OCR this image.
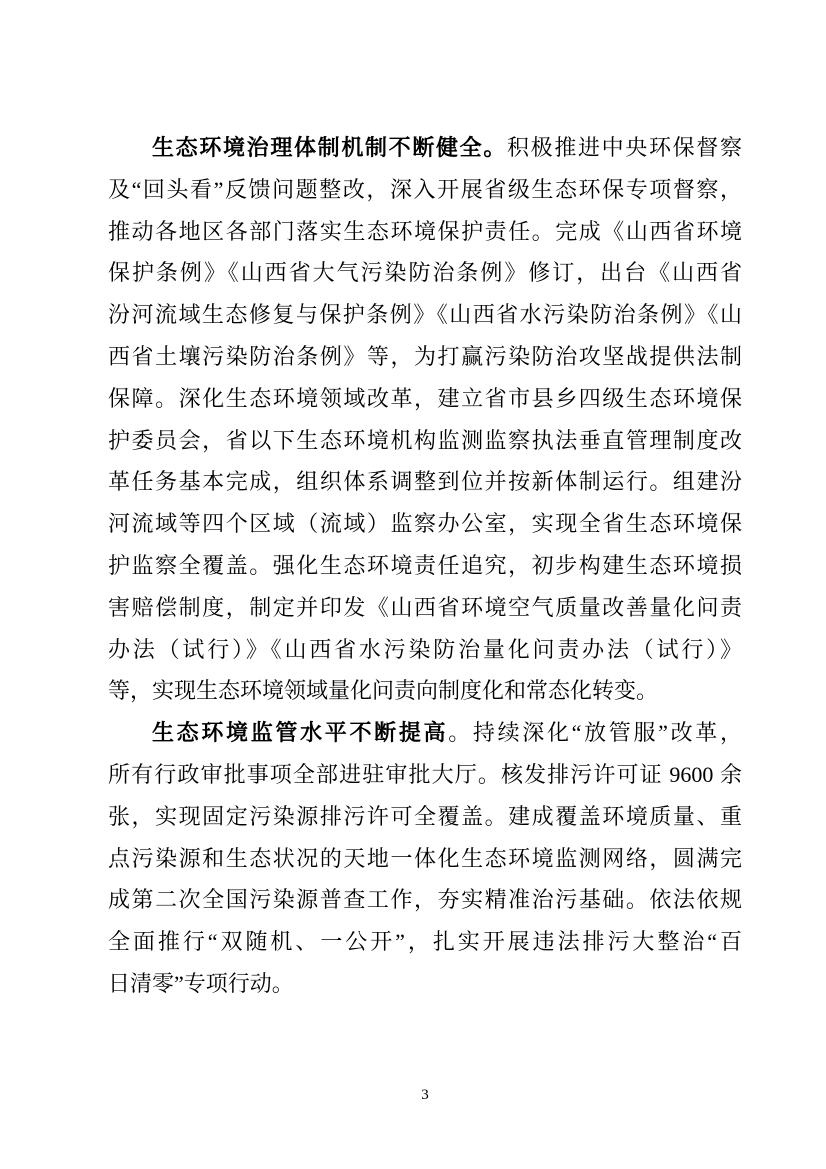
生态环境治理体制机制不断健全。积极推进中央环保督察
及“回头看”反馈问题整改，深入开展省级生态环保专项督察，
推动各地区各部门落实生态环境保护责任。完成《山西省环境
保护条例》《山西省大气污染防治条例》修订，出台《山西省
汾河流域生态修复与保护条例》《山西省水污染防治条例》《山
西省土壤污染防治条例》等，为打赢污染防治攻坚战提供法制
保障。深化生态环境领域改革，建立省市县乡四级生态环境保
护委员会，省以下生态环境机构监测监察执法垂直管理制度改
革任务基本完成，组织体系调整到位并按新体制运行。组建汾
河流域等四个区域（流域）监察办公室，实现全省生态环境保
护监察全覆盖。强化生态环境责任追究，初步构建生态环境损
害赔偿制度，制定并印发《山西省环境空气质量改善量化问责
办法（试行）》《山西省水污染防治量化问责办法（试行）》
等，实现生态环境领域量化问责向制度化和常态化转变。
生态环境监管水平不断提高。持续深化“放管服”改革，
所有行政审批事项全部进驻审批大厅。核发排污许可证 9600 余
张，实现固定污染源排污许可全覆盖。建成覆盖环境质量、重
点污染源和生态状况的天地一体化生态环境监测网络，圆满完
成第二次全国污染源普查工作，夯实精准治污基础。依法依规
全面推行“双随机、一公开”，扎实开展违法排污大整治“百
日清零”专项行动。
3
